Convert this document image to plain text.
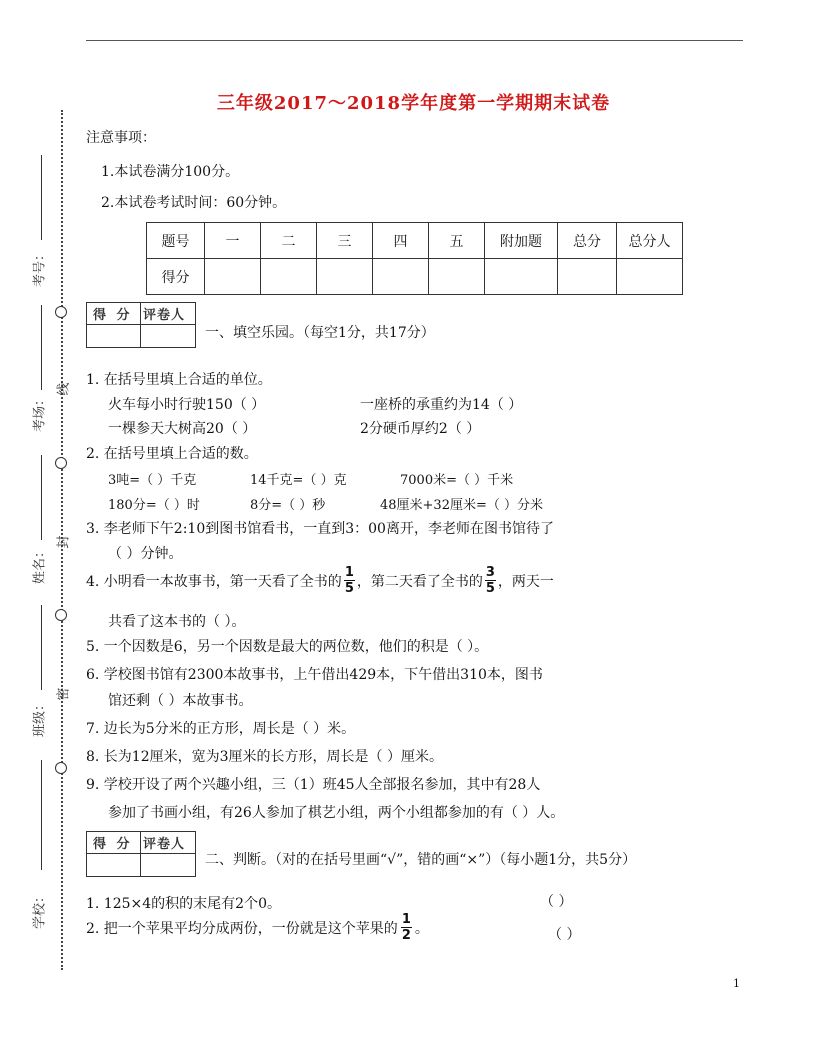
三年级2017～2018学年度第一学期期末试卷
注意事项：
1.本试卷满分100分。
2.本试卷考试时间：60分钟。
题号	一	二	三	四	五	附加题	总分	总分人
得分								
考号：
考场：
姓名：
班级：
学校：
线
封
密
得 分 评卷人
一、填空乐园。（每空1分，共17分）
1. 在括号里填上合适的单位。
火车每小时行驶150（ ）	一座桥的承重约为14（ ）
一棵参天大树高20（ ）	2分硬币厚约2（ ）
2. 在括号里填上合适的数。
3吨=（ ）千克	14千克=（ ）克	7000米=（ ）千米
180分=（ ）时	8分=（ ）秒	48厘米+32厘米=（ ）分米
3. 李老师下午2:10到图书馆看书，一直到3：00离开，李老师在图书馆待了
（ ）分钟。
4. 小明看一本故事书，第一天看了全书的 $\frac{1}{5}$ ，第二天看了全书的 $\frac{3}{5}$ ，两天一
共看了这本书的（ ）。
5. 一个因数是6，另一个因数是最大的两位数，他们的积是（ ）。
6. 学校图书馆有2300本故事书，上午借出429本，下午借出310本，图书
馆还剩（ ）本故事书。
7. 边长为5分米的正方形，周长是（ ）米。
8. 长为12厘米，宽为3厘米的长方形，周长是（ ）厘米。
9. 学校开设了两个兴趣小组，三（1）班45人全部报名参加，其中有28人
参加了书画小组，有26人参加了棋艺小组，两个小组都参加的有（ ）人。
得 分 评卷人
二、判断。（对的在括号里画“√”，错的画“×”）（每小题1分，共5分）
1. 125×4的积的末尾有2个0。	（ ）
2. 把一个苹果平均分成两份，一份就是这个苹果的 $\frac{1}{2}$ 。	（ ）
1
